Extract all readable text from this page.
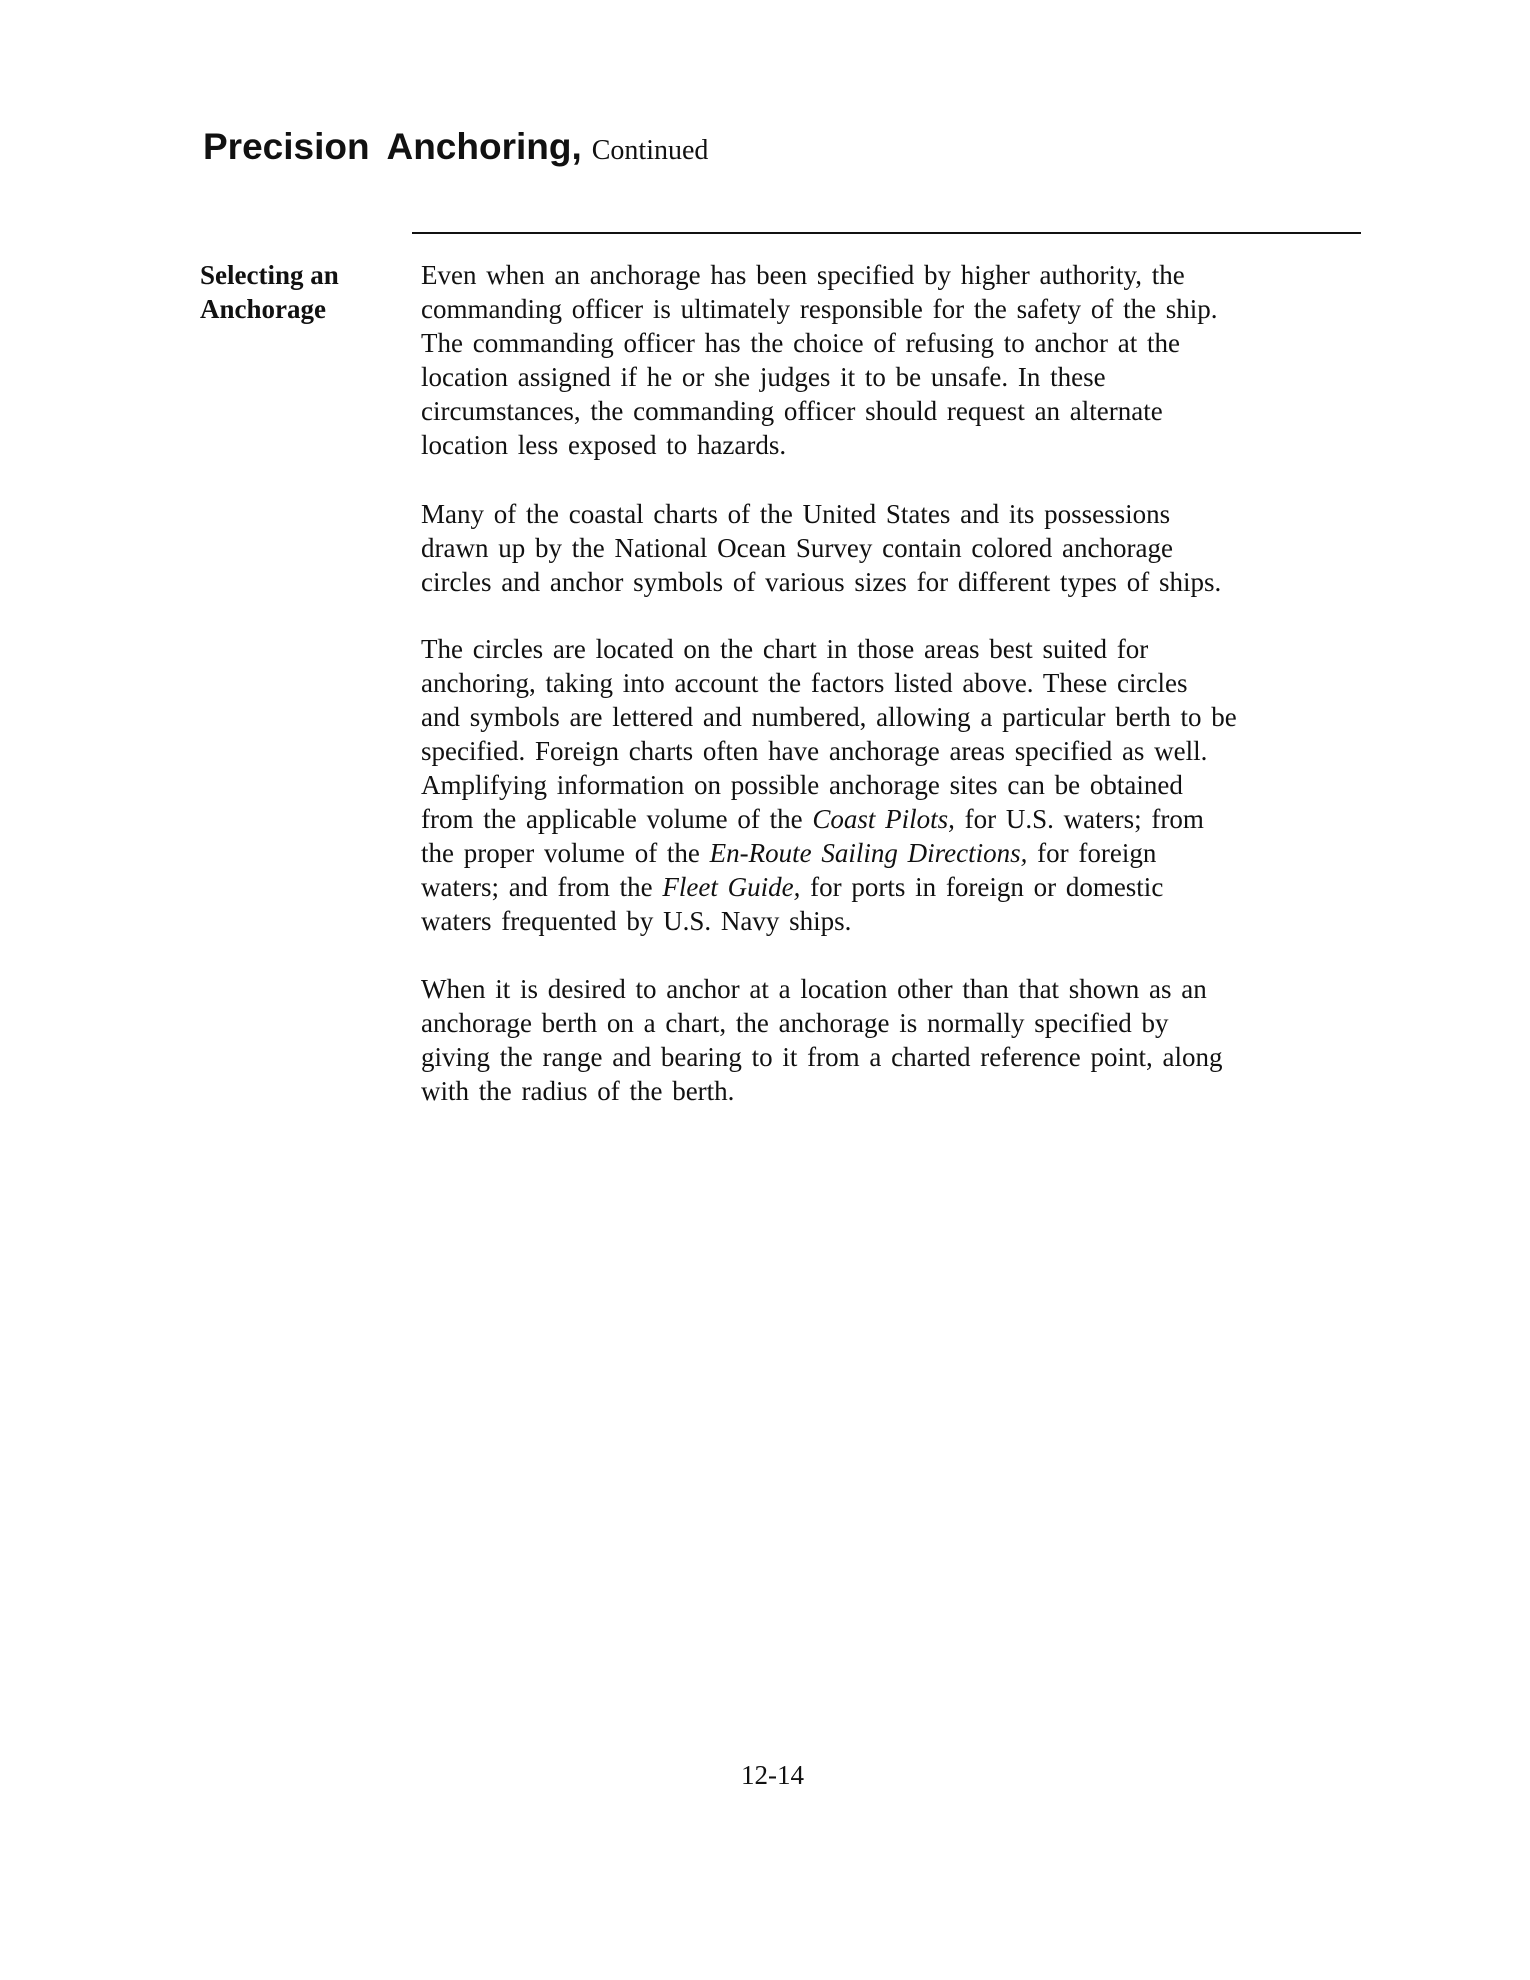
Precision Anchoring, Continued
Selecting an
Anchorage
Even when an anchorage has been specified by higher authority, the
commanding officer is ultimately responsible for the safety of the ship.
The commanding officer has the choice of refusing to anchor at the
location assigned if he or she judges it to be unsafe. In these
circumstances, the commanding officer should request an alternate
location less exposed to hazards.
Many of the coastal charts of the United States and its possessions
drawn up by the National Ocean Survey contain colored anchorage
circles and anchor symbols of various sizes for different types of ships.
The circles are located on the chart in those areas best suited for
anchoring, taking into account the factors listed above. These circles
and symbols are lettered and numbered, allowing a particular berth to be
specified. Foreign charts often have anchorage areas specified as well.
Amplifying information on possible anchorage sites can be obtained
from the applicable volume of the Coast Pilots, for U.S. waters; from
the proper volume of the En-Route Sailing Directions, for foreign
waters; and from the Fleet Guide, for ports in foreign or domestic
waters frequented by U.S. Navy ships.
When it is desired to anchor at a location other than that shown as an
anchorage berth on a chart, the anchorage is normally specified by
giving the range and bearing to it from a charted reference point, along
with the radius of the berth.
12-14
